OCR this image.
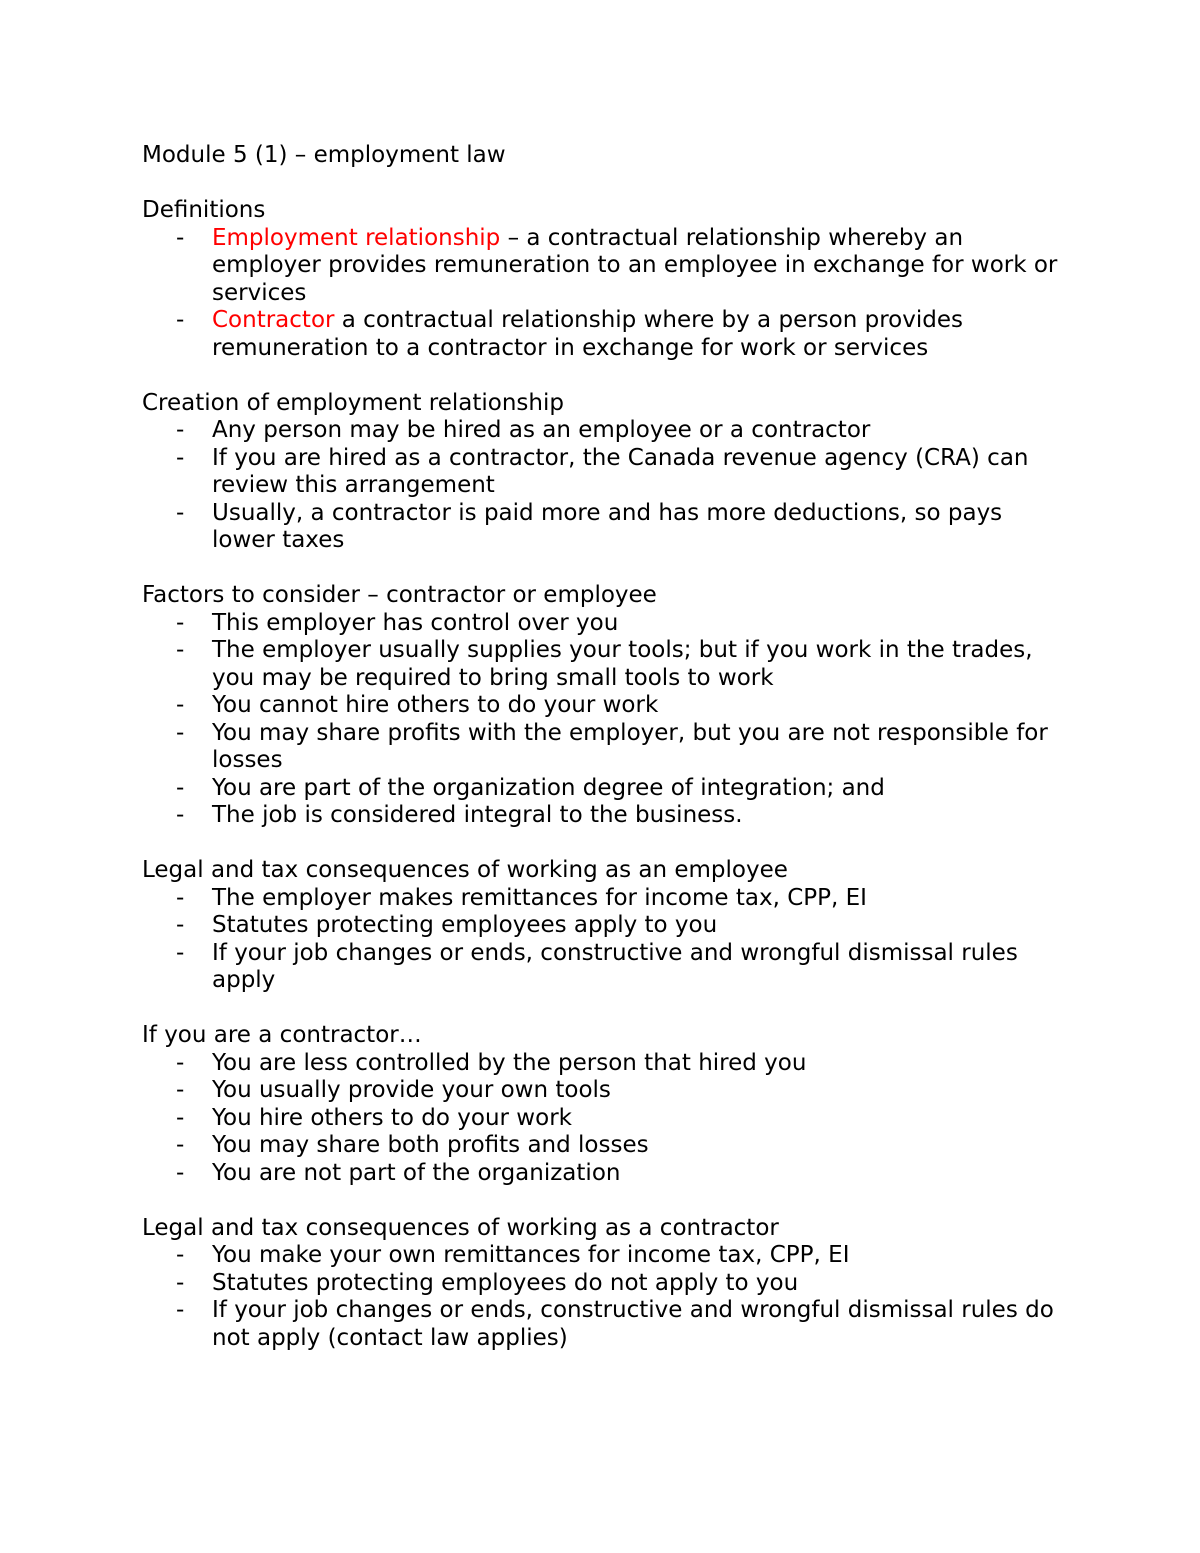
Module 5 (1) – employment law
Definitions
- Employment relationship – a contractual relationship whereby an employer provides remuneration to an employee in exchange for work or services
- Contractor a contractual relationship where by a person provides remuneration to a contractor in exchange for work or services
Creation of employment relationship
- Any person may be hired as an employee or a contractor
- If you are hired as a contractor, the Canada revenue agency (CRA) can review this arrangement
- Usually, a contractor is paid more and has more deductions, so pays lower taxes
Factors to consider – contractor or employee
- This employer has control over you
- The employer usually supplies your tools; but if you work in the trades, you may be required to bring small tools to work
- You cannot hire others to do your work
- You may share profits with the employer, but you are not responsible for losses
- You are part of the organization degree of integration; and
- The job is considered integral to the business.
Legal and tax consequences of working as an employee
- The employer makes remittances for income tax, CPP, EI
- Statutes protecting employees apply to you
- If your job changes or ends, constructive and wrongful dismissal rules apply
If you are a contractor…
- You are less controlled by the person that hired you
- You usually provide your own tools
- You hire others to do your work
- You may share both profits and losses
- You are not part of the organization
Legal and tax consequences of working as a contractor
- You make your own remittances for income tax, CPP, EI
- Statutes protecting employees do not apply to you
- If your job changes or ends, constructive and wrongful dismissal rules do not apply (contact law applies)
